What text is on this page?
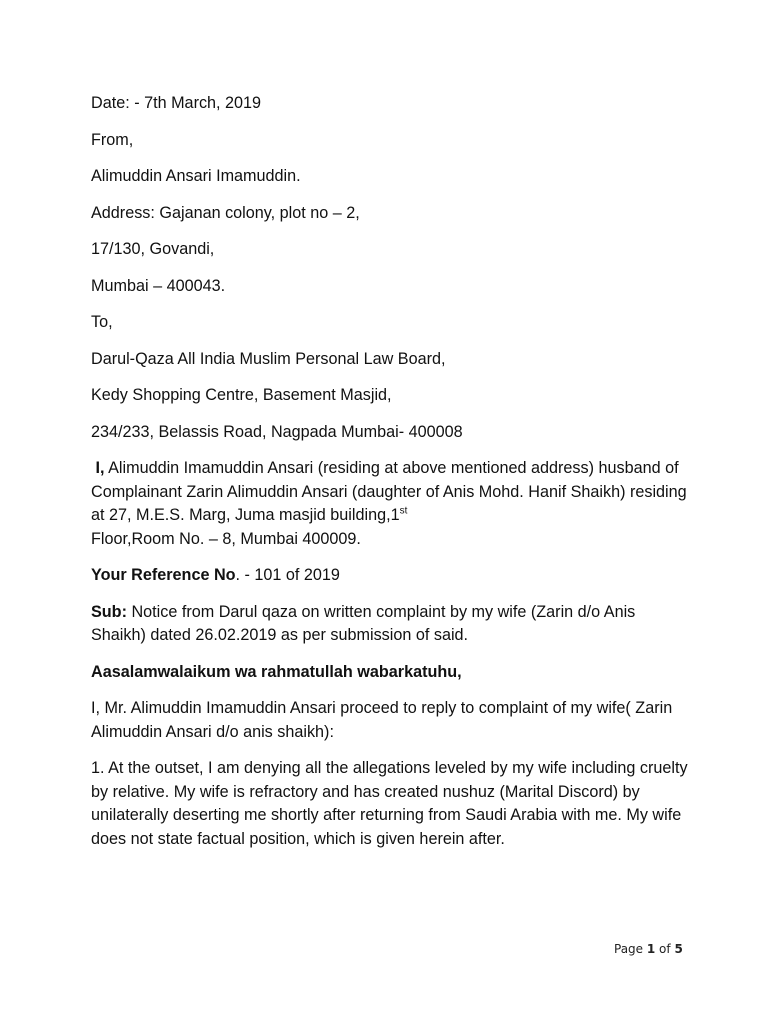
Date: - 7th March, 2019
From,
Alimuddin Ansari Imamuddin.
Address: Gajanan colony, plot no – 2,
17/130, Govandi,
Mumbai – 400043.
To,
Darul-Qaza All India Muslim Personal Law Board,
Kedy Shopping Centre, Basement Masjid,
234/233, Belassis Road, Nagpada Mumbai- 400008
I, Alimuddin Imamuddin Ansari (residing at above mentioned address) husband of Complainant Zarin Alimuddin Ansari (daughter of Anis Mohd. Hanif Shaikh) residing at 27, M.E.S. Marg, Juma masjid building,1st
Floor,Room No. – 8, Mumbai 400009.
Your Reference No. - 101 of 2019
Sub: Notice from Darul qaza on written complaint by my wife (Zarin d/o Anis Shaikh) dated 26.02.2019 as per submission of said.
Aasalamwalaikum wa rahmatullah wabarkatuhu,
I, Mr. Alimuddin Imamuddin Ansari proceed to reply to complaint of my wife( Zarin Alimuddin Ansari d/o anis shaikh):
1. At the outset, I am denying all the allegations leveled by my wife including cruelty by relative. My wife is refractory and has created nushuz (Marital Discord) by unilaterally deserting me shortly after returning from Saudi Arabia with me. My wife does not state factual position, which is given herein after.
Page 1 of 5
